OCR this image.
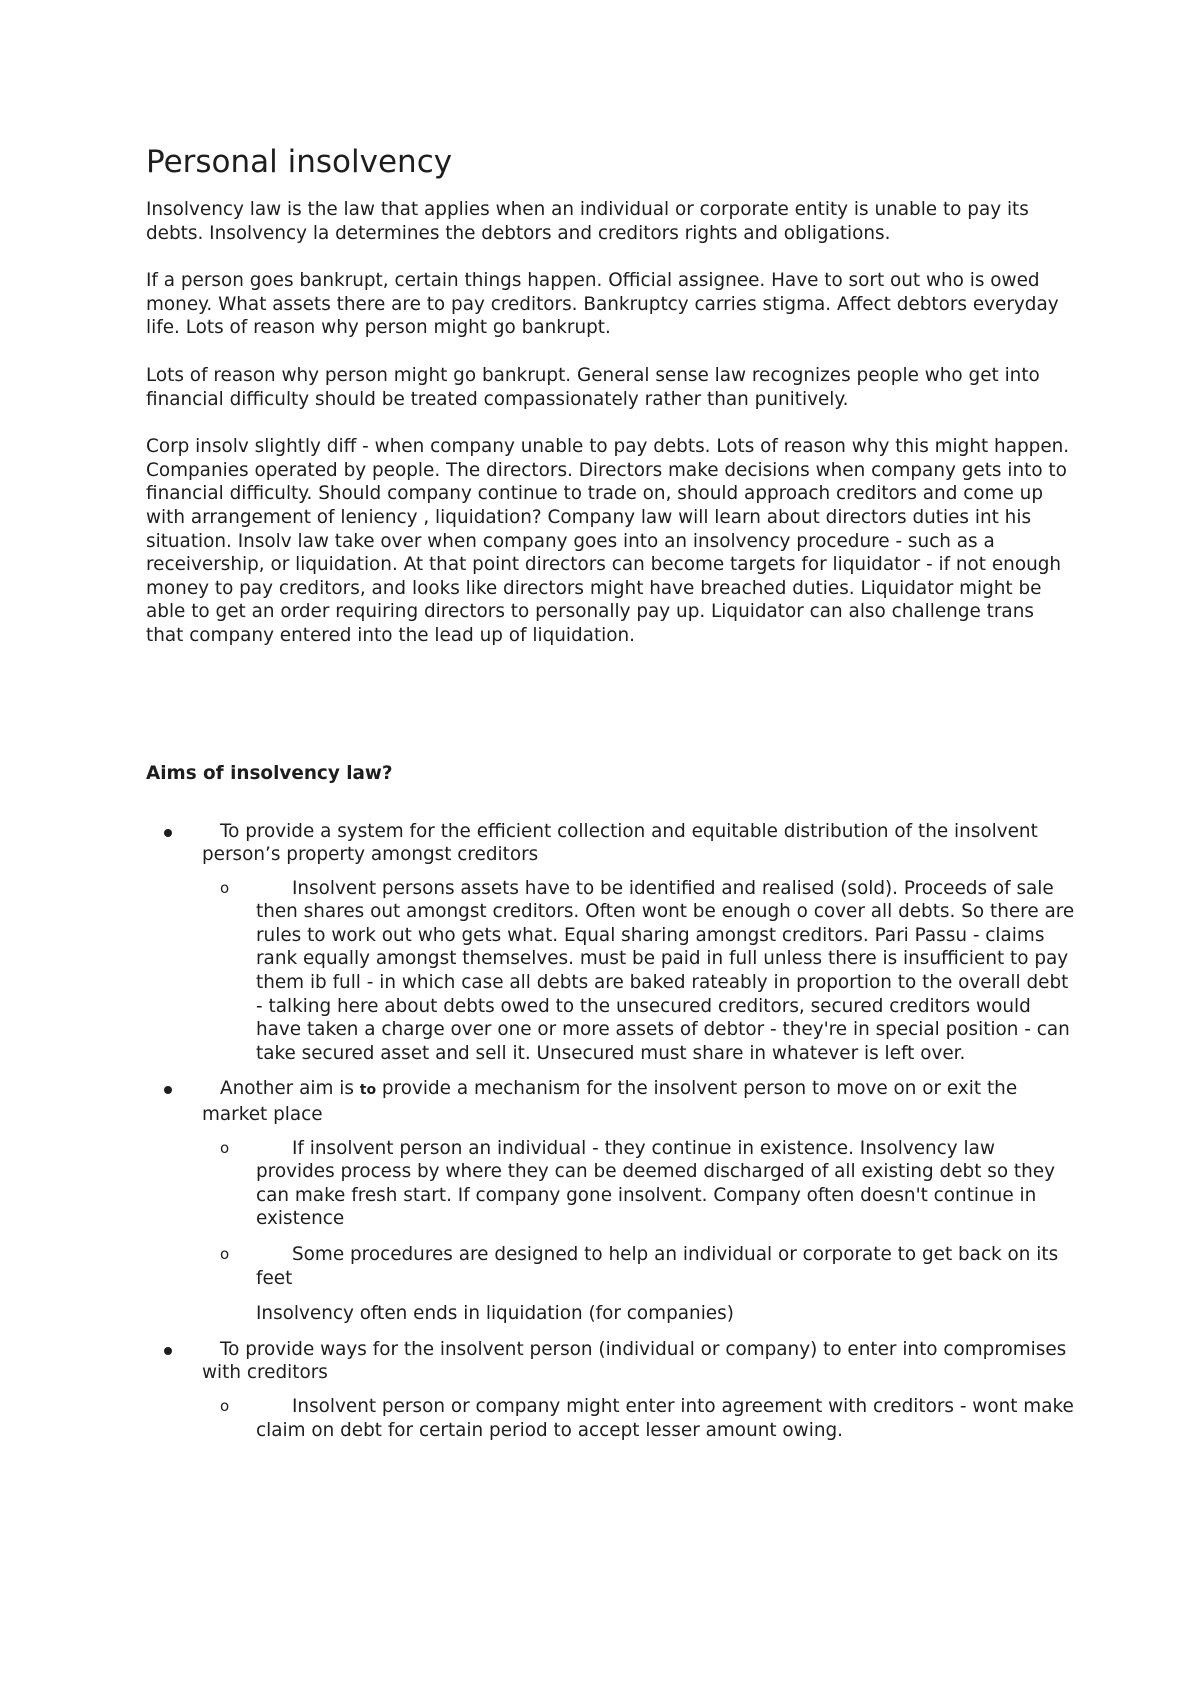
Personal insolvency

Insolvency law is the law that applies when an individual or corporate entity is unable to pay its debts. Insolvency la determines the debtors and creditors rights and obligations.

If a person goes bankrupt, certain things happen. Official assignee. Have to sort out who is owed money. What assets there are to pay creditors. Bankruptcy carries stigma. Affect debtors everyday life. Lots of reason why person might go bankrupt.

Lots of reason why person might go bankrupt. General sense law recognizes people who get into financial difficulty should be treated compassionately rather than punitively.

Corp insolv slightly diff - when company unable to pay debts. Lots of reason why this might happen. Companies operated by people. The directors. Directors make decisions when company gets into to financial difficulty. Should company continue to trade on, should approach creditors and come up with arrangement of leniency , liquidation? Company law will learn about directors duties int his situation. Insolv law take over when company goes into an insolvency procedure - such as a receivership, or liquidation. At that point directors can become targets for liquidator - if not enough money to pay creditors, and looks like directors might have breached duties. Liquidator might be able to get an order requiring directors to personally pay up. Liquidator can also challenge trans that company entered into the lead up of liquidation.

Aims of insolvency law?
To provide a system for the efficient collection and equitable distribution of the insolvent person’s property amongst creditors
o	Insolvent persons assets have to be identified and realised (sold). Proceeds of sale then shares out amongst creditors. Often wont be enough o cover all debts. So there are rules to work out who gets what. Equal sharing amongst creditors. Pari Passu - claims rank equally amongst themselves. must be paid in full unless there is insufficient to pay them ib full - in which case all debts are baked rateably in proportion to the overall debt - talking here about debts owed to the unsecured creditors, secured creditors would have taken a charge over one or more assets of debtor - they're in special position - can take secured asset and sell it. Unsecured must share in whatever is left over.
Another aim is to provide a mechanism for the insolvent person to move on or exit the market place
o	If insolvent person an individual - they continue in existence. Insolvency law provides process by where they can be deemed discharged of all existing debt so they can make fresh start. If company gone insolvent. Company often doesn't continue in existence
o	Some procedures are designed to help an individual or corporate to get back on its feet
Insolvency often ends in liquidation (for companies)
To provide ways for the insolvent person (individual or company) to enter into compromises with creditors
o	Insolvent person or company might enter into agreement with creditors - wont make claim on debt for certain period to accept lesser amount owing.
